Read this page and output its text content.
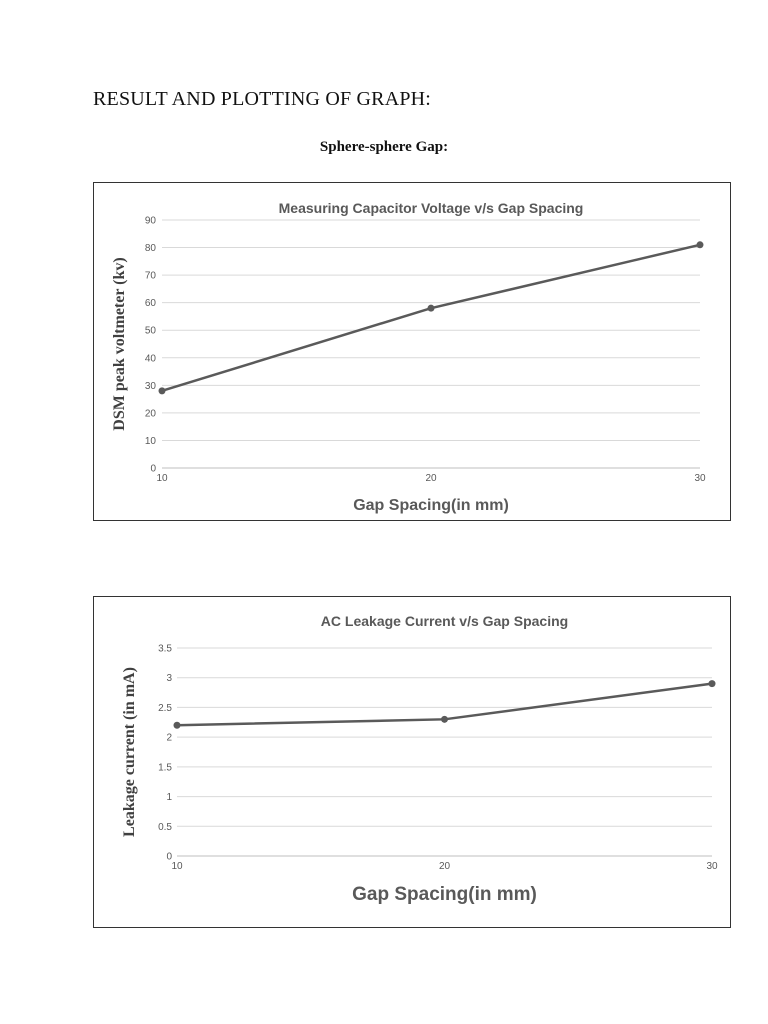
RESULT AND PLOTTING OF GRAPH:
Sphere-sphere Gap:
Measuring Capacitor Voltage v/s Gap Spacing
0
10
20
30
40
50
60
70
80
90
10	20	30
Gap Spacing(in mm)
DSM peak voltmeter (kv)
AC Leakage Current v/s Gap Spacing
0
0.5
1
1.5
2
2.5
3
3.5
10	20	30
Gap Spacing(in mm)
Leakage current (in mA)
